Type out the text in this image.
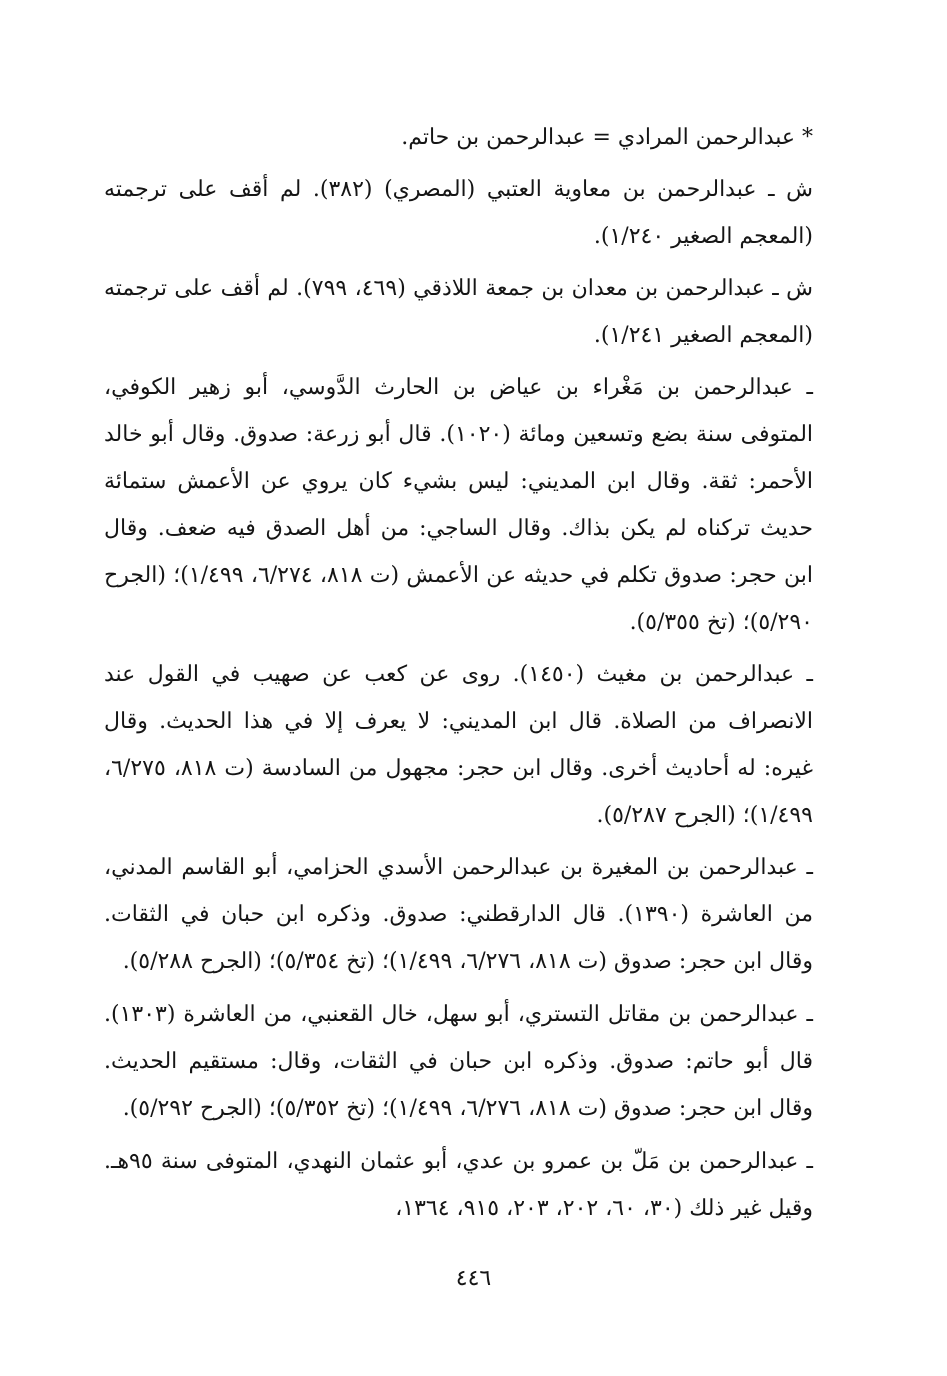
* عبدالرحمن المرادي = عبدالرحمن بن حاتم.

ش ـ عبدالرحمن بن معاوية العتبي (المصري) (٣٨٢). لم أقف على ترجمته (المعجم الصغير ١/٢٤٠).

ش ـ عبدالرحمن بن معدان بن جمعة اللاذقي (٤٦٩، ٧٩٩). لم أقف على ترجمته (المعجم الصغير ١/٢٤١).

ـ عبدالرحمن بن مَغْراء بن عياض بن الحارث الدَّوسي، أبو زهير الكوفي، المتوفى سنة بضع وتسعين ومائة (١٠٢٠). قال أبو زرعة: صدوق. وقال أبو خالد الأحمر: ثقة. وقال ابن المديني: ليس بشيء كان يروي عن الأعمش ستمائة حديث تركناه لم يكن بذاك. وقال الساجي: من أهل الصدق فيه ضعف. وقال ابن حجر: صدوق تكلم في حديثه عن الأعمش (ت ٨١٨، ٦/٢٧٤، ١/٤٩٩)؛ (الجرح ٥/٢٩٠)؛ (تخ ٥/٣٥٥).

ـ عبدالرحمن بن مغيث (١٤٥٠). روى عن كعب عن صهيب في القول عند الانصراف من الصلاة. قال ابن المديني: لا يعرف إلا في هذا الحديث. وقال غيره: له أحاديث أخرى. وقال ابن حجر: مجهول من السادسة (ت ٨١٨، ٦/٢٧٥، ١/٤٩٩)؛ (الجرح ٥/٢٨٧).

ـ عبدالرحمن بن المغيرة بن عبدالرحمن الأسدي الحزامي، أبو القاسم المدني، من العاشرة (١٣٩٠). قال الدارقطني: صدوق. وذكره ابن حبان في الثقات. وقال ابن حجر: صدوق (ت ٨١٨، ٦/٢٧٦، ١/٤٩٩)؛ (تخ ٥/٣٥٤)؛ (الجرح ٥/٢٨٨).

ـ عبدالرحمن بن مقاتل التستري، أبو سهل، خال القعنبي، من العاشرة (١٣٠٣). قال أبو حاتم: صدوق. وذكره ابن حبان في الثقات، وقال: مستقيم الحديث. وقال ابن حجر: صدوق (ت ٨١٨، ٦/٢٧٦، ١/٤٩٩)؛ (تخ ٥/٣٥٢)؛ (الجرح ٥/٢٩٢).

ـ عبدالرحمن بن مَلّ بن عمرو بن عدي، أبو عثمان النهدي، المتوفى سنة ٩٥هـ. وقيل غير ذلك (٣٠، ٦٠، ٢٠٢، ٢٠٣، ٩١٥، ١٣٦٤،

٤٤٦
